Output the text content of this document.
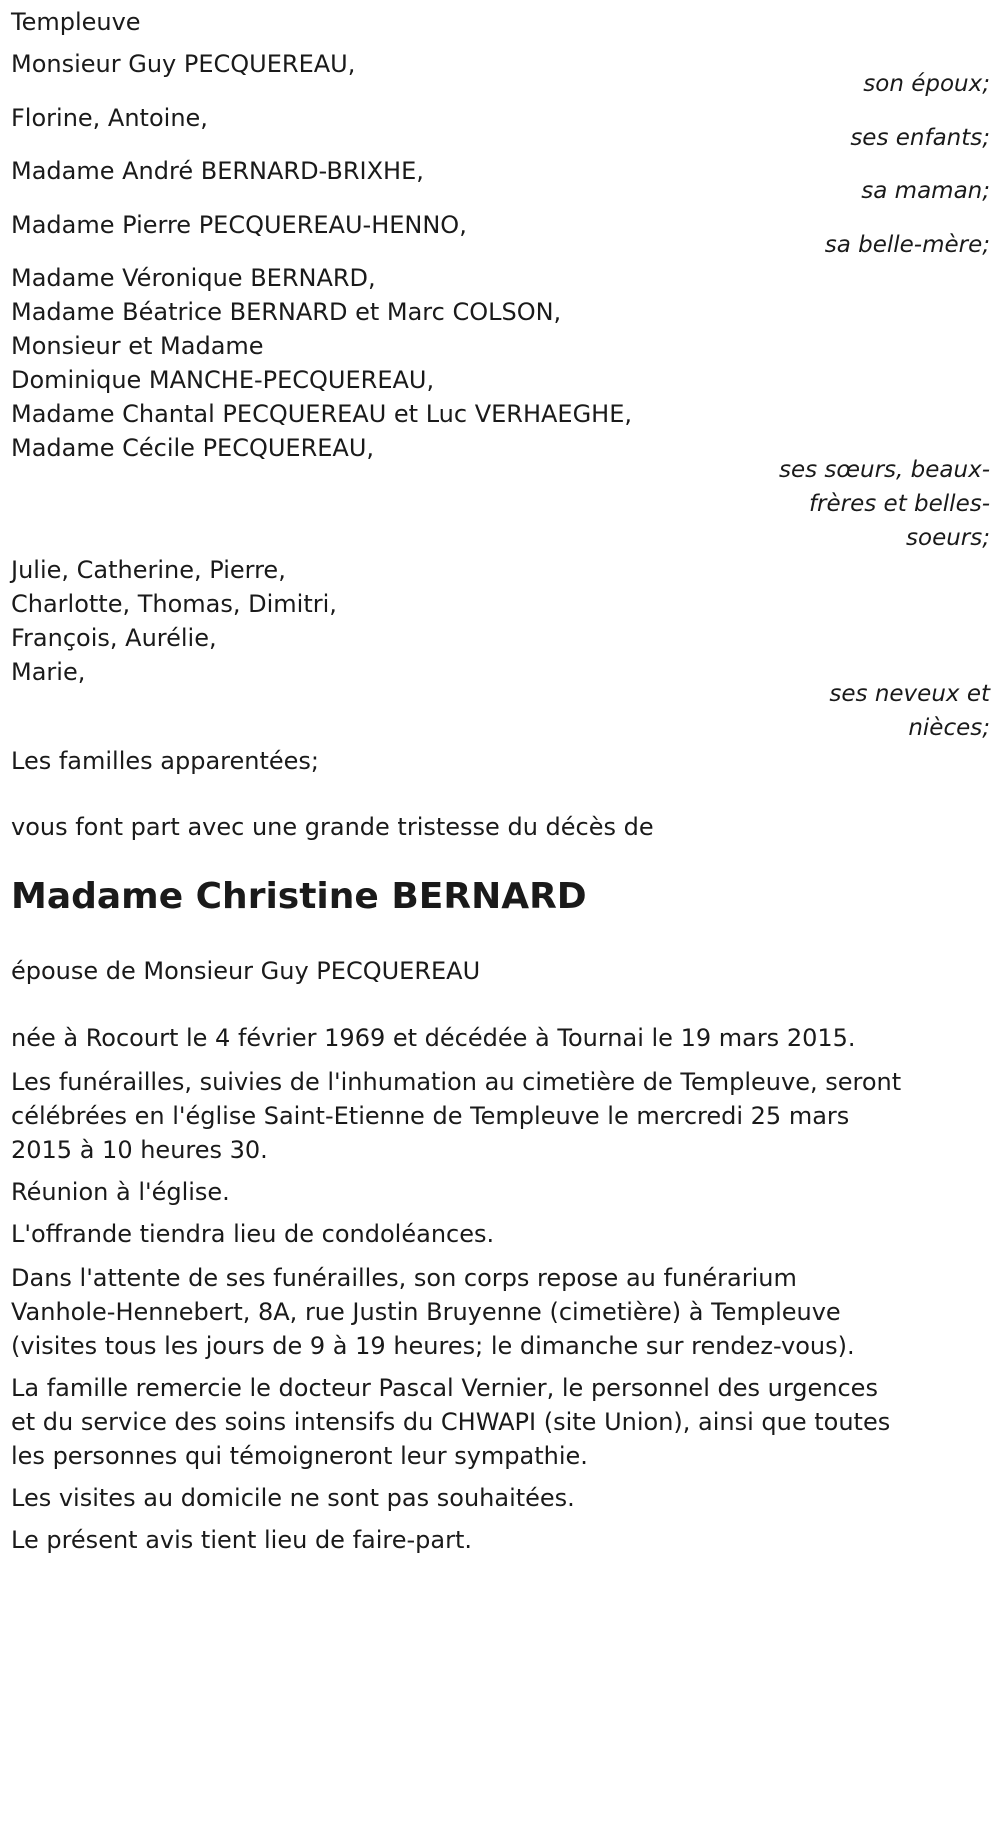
Templeuve
Monsieur Guy PECQUEREAU,
son époux;
Florine, Antoine,
ses enfants;
Madame André BERNARD-BRIXHE,
sa maman;
Madame Pierre PECQUEREAU-HENNO,
sa belle-mère;
Madame Véronique BERNARD,
Madame Béatrice BERNARD et Marc COLSON,
Monsieur et Madame
Dominique MANCHE-PECQUEREAU,
Madame Chantal PECQUEREAU et Luc VERHAEGHE,
Madame Cécile PECQUEREAU,
ses sœurs, beaux-
frères et belles-
soeurs;
Julie, Catherine, Pierre,
Charlotte, Thomas, Dimitri,
François, Aurélie,
Marie,
ses neveux et
nièces;
Les familles apparentées;
vous font part avec une grande tristesse du décès de
Madame Christine BERNARD
épouse de Monsieur Guy PECQUEREAU
née à Rocourt le 4 février 1969 et décédée à Tournai le 19 mars 2015.
Les funérailles, suivies de l'inhumation au cimetière de Templeuve, seront
célébrées en l'église Saint-Etienne de Templeuve le mercredi 25 mars
2015 à 10 heures 30.
Réunion à l'église.
L'offrande tiendra lieu de condoléances.
Dans l'attente de ses funérailles, son corps repose au funérarium
Vanhole-Hennebert, 8A, rue Justin Bruyenne (cimetière) à Templeuve
(visites tous les jours de 9 à 19 heures; le dimanche sur rendez-vous).
La famille remercie le docteur Pascal Vernier, le personnel des urgences
et du service des soins intensifs du CHWAPI (site Union), ainsi que toutes
les personnes qui témoigneront leur sympathie.
Les visites au domicile ne sont pas souhaitées.
Le présent avis tient lieu de faire-part.
